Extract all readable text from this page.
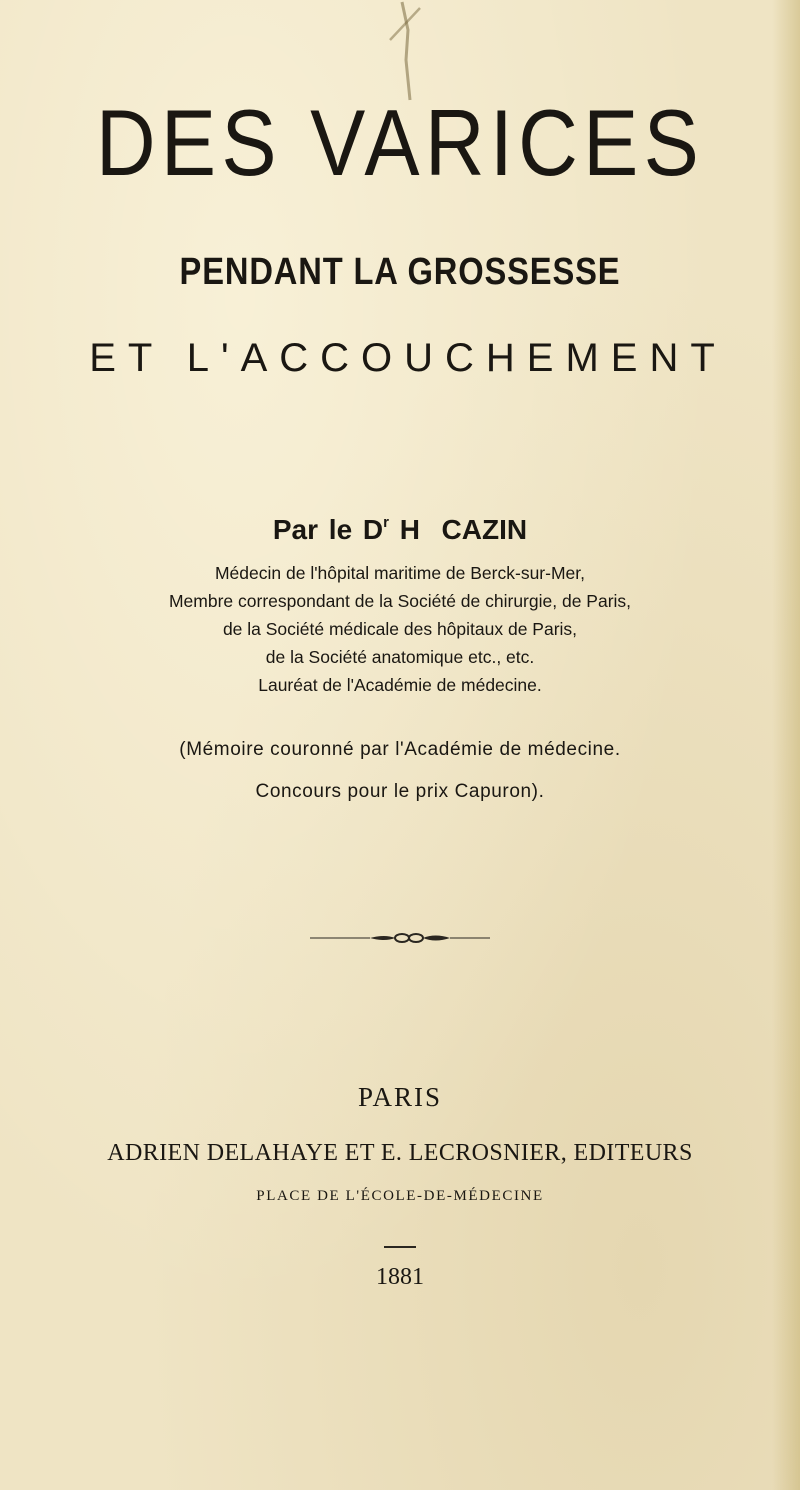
DES VARICES
PENDANT LA GROSSESSE
ET L'ACCOUCHEMENT
Par le $D^r$ H  CAZIN
Médecin de l'hôpital maritime de Berck-sur-Mer,
Membre correspondant de la Société de chirurgie, de Paris,
de la Société médicale des hôpitaux de Paris,
de la Société anatomique etc., etc.
Lauréat de l'Académie de médecine.
(Mémoire couronné par l'Académie de médecine.
Concours pour le prix Capuron).
PARIS
ADRIEN DELAHAYE ET E. LECROSNIER, EDITEURS
PLACE DE L'ÉCOLE-DE-MÉDECINE
1881
